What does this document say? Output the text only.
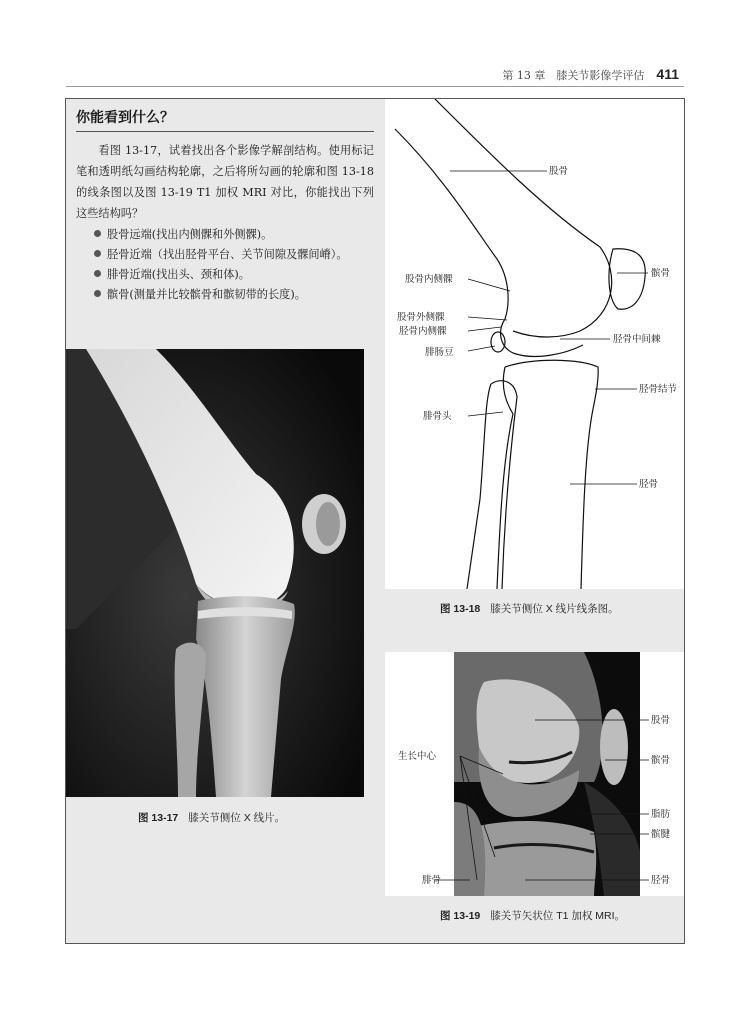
第 13 章　膝关节影像学评估 411
你能看到什么？

看图 13-17，试着找出各个影像学解剖结构。使用标记笔和透明纸勾画结构轮廓，之后将所勾画的轮廓和图 13-18 的线条图以及图 13-19 T1 加权 MRI 对比，你能找出下列这些结构吗？

股骨远端(找出内侧髁和外侧髁)。
胫骨近端（找出胫骨平台、关节间隙及髁间嵴）。
腓骨近端(找出头、颈和体)。
髌骨(测量并比较髌骨和髌韧带的长度)。
图 13-17 膝关节侧位 X 线片。
股骨
髌骨
股骨内侧髁
股骨外侧髁
胫骨内侧髁
胫骨中间棘
腓肠豆
胫骨结节
腓骨头
胫骨
图 13-18 膝关节侧位 X 线片线条图。
股骨
髌骨
生长中心
脂肪
髌腱
腓骨	胫骨
图 13-19 膝关节矢状位 T1 加权 MRI。
